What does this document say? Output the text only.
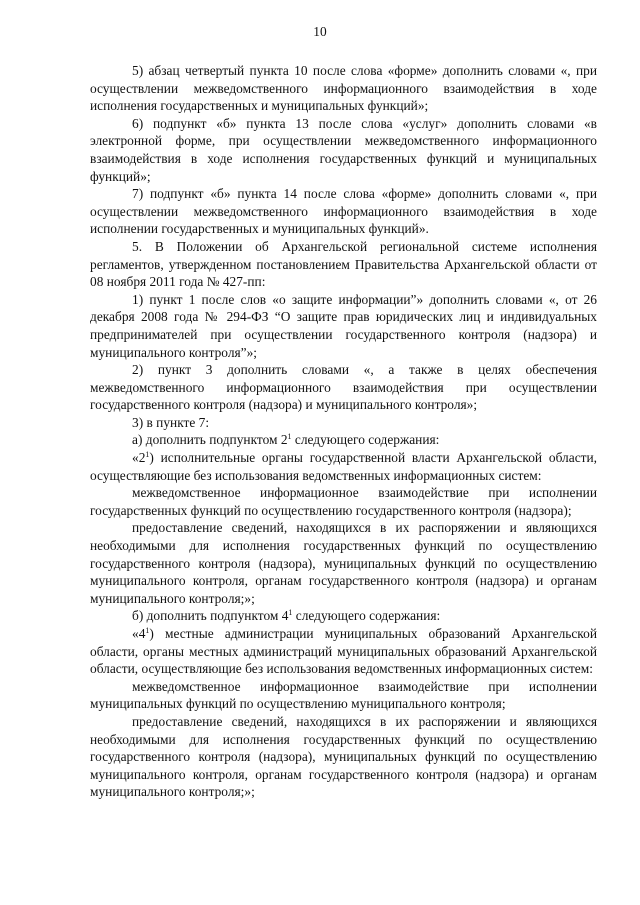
10

5) абзац четвертый пункта 10 после слова «форме» дополнить словами «, при осуществлении межведомственного информационного взаимодействия в ходе исполнения государственных и муниципальных функций»;

6) подпункт «б» пункта 13 после слова «услуг» дополнить словами «в электронной форме, при осуществлении межведомственного информационного взаимодействия в ходе исполнения государственных функций и муниципальных функций»;

7) подпункт «б» пункта 14 после слова «форме» дополнить словами «, при осуществлении межведомственного информационного взаимодействия в ходе исполнении государственных и муниципальных функций».

5. В Положении об Архангельской региональной системе исполнения регламентов, утвержденном постановлением Правительства Архангельской области от 08 ноября 2011 года № 427-пп:

1) пункт 1 после слов «о защите информации”» дополнить словами «, от 26 декабря 2008 года № 294-ФЗ “О защите прав юридических лиц и индивидуальных предпринимателей при осуществлении государственного контроля (надзора) и муниципального контроля”»;

2) пункт 3 дополнить словами «, а также в целях обеспечения межведомственного информационного взаимодействия при осуществлении государственного контроля (надзора) и муниципального контроля»;

3) в пункте 7:

а) дополнить подпунктом $2^1$ следующего содержания:

«$2^1$) исполнительные органы государственной власти Архангельской области, осуществляющие без использования ведомственных информационных систем:

межведомственное информационное взаимодействие при исполнении государственных функций по осуществлению государственного контроля (надзора);

предоставление сведений, находящихся в их распоряжении и являющихся необходимыми для исполнения государственных функций по осуществлению государственного контроля (надзора), муниципальных функций по осуществлению муниципального контроля, органам государственного контроля (надзора) и органам муниципального контроля;»;

б) дополнить подпунктом $4^1$ следующего содержания:

«$4^1$) местные администрации муниципальных образований Архангельской области, органы местных администраций муниципальных образований Архангельской области, осуществляющие без использования ведомственных информационных систем:

межведомственное информационное взаимодействие при исполнении муниципальных функций по осуществлению муниципального контроля;

предоставление сведений, находящихся в их распоряжении и являющихся необходимыми для исполнения государственных функций по осуществлению государственного контроля (надзора), муниципальных функций по осуществлению муниципального контроля, органам государственного контроля (надзора) и органам муниципального контроля;»;
